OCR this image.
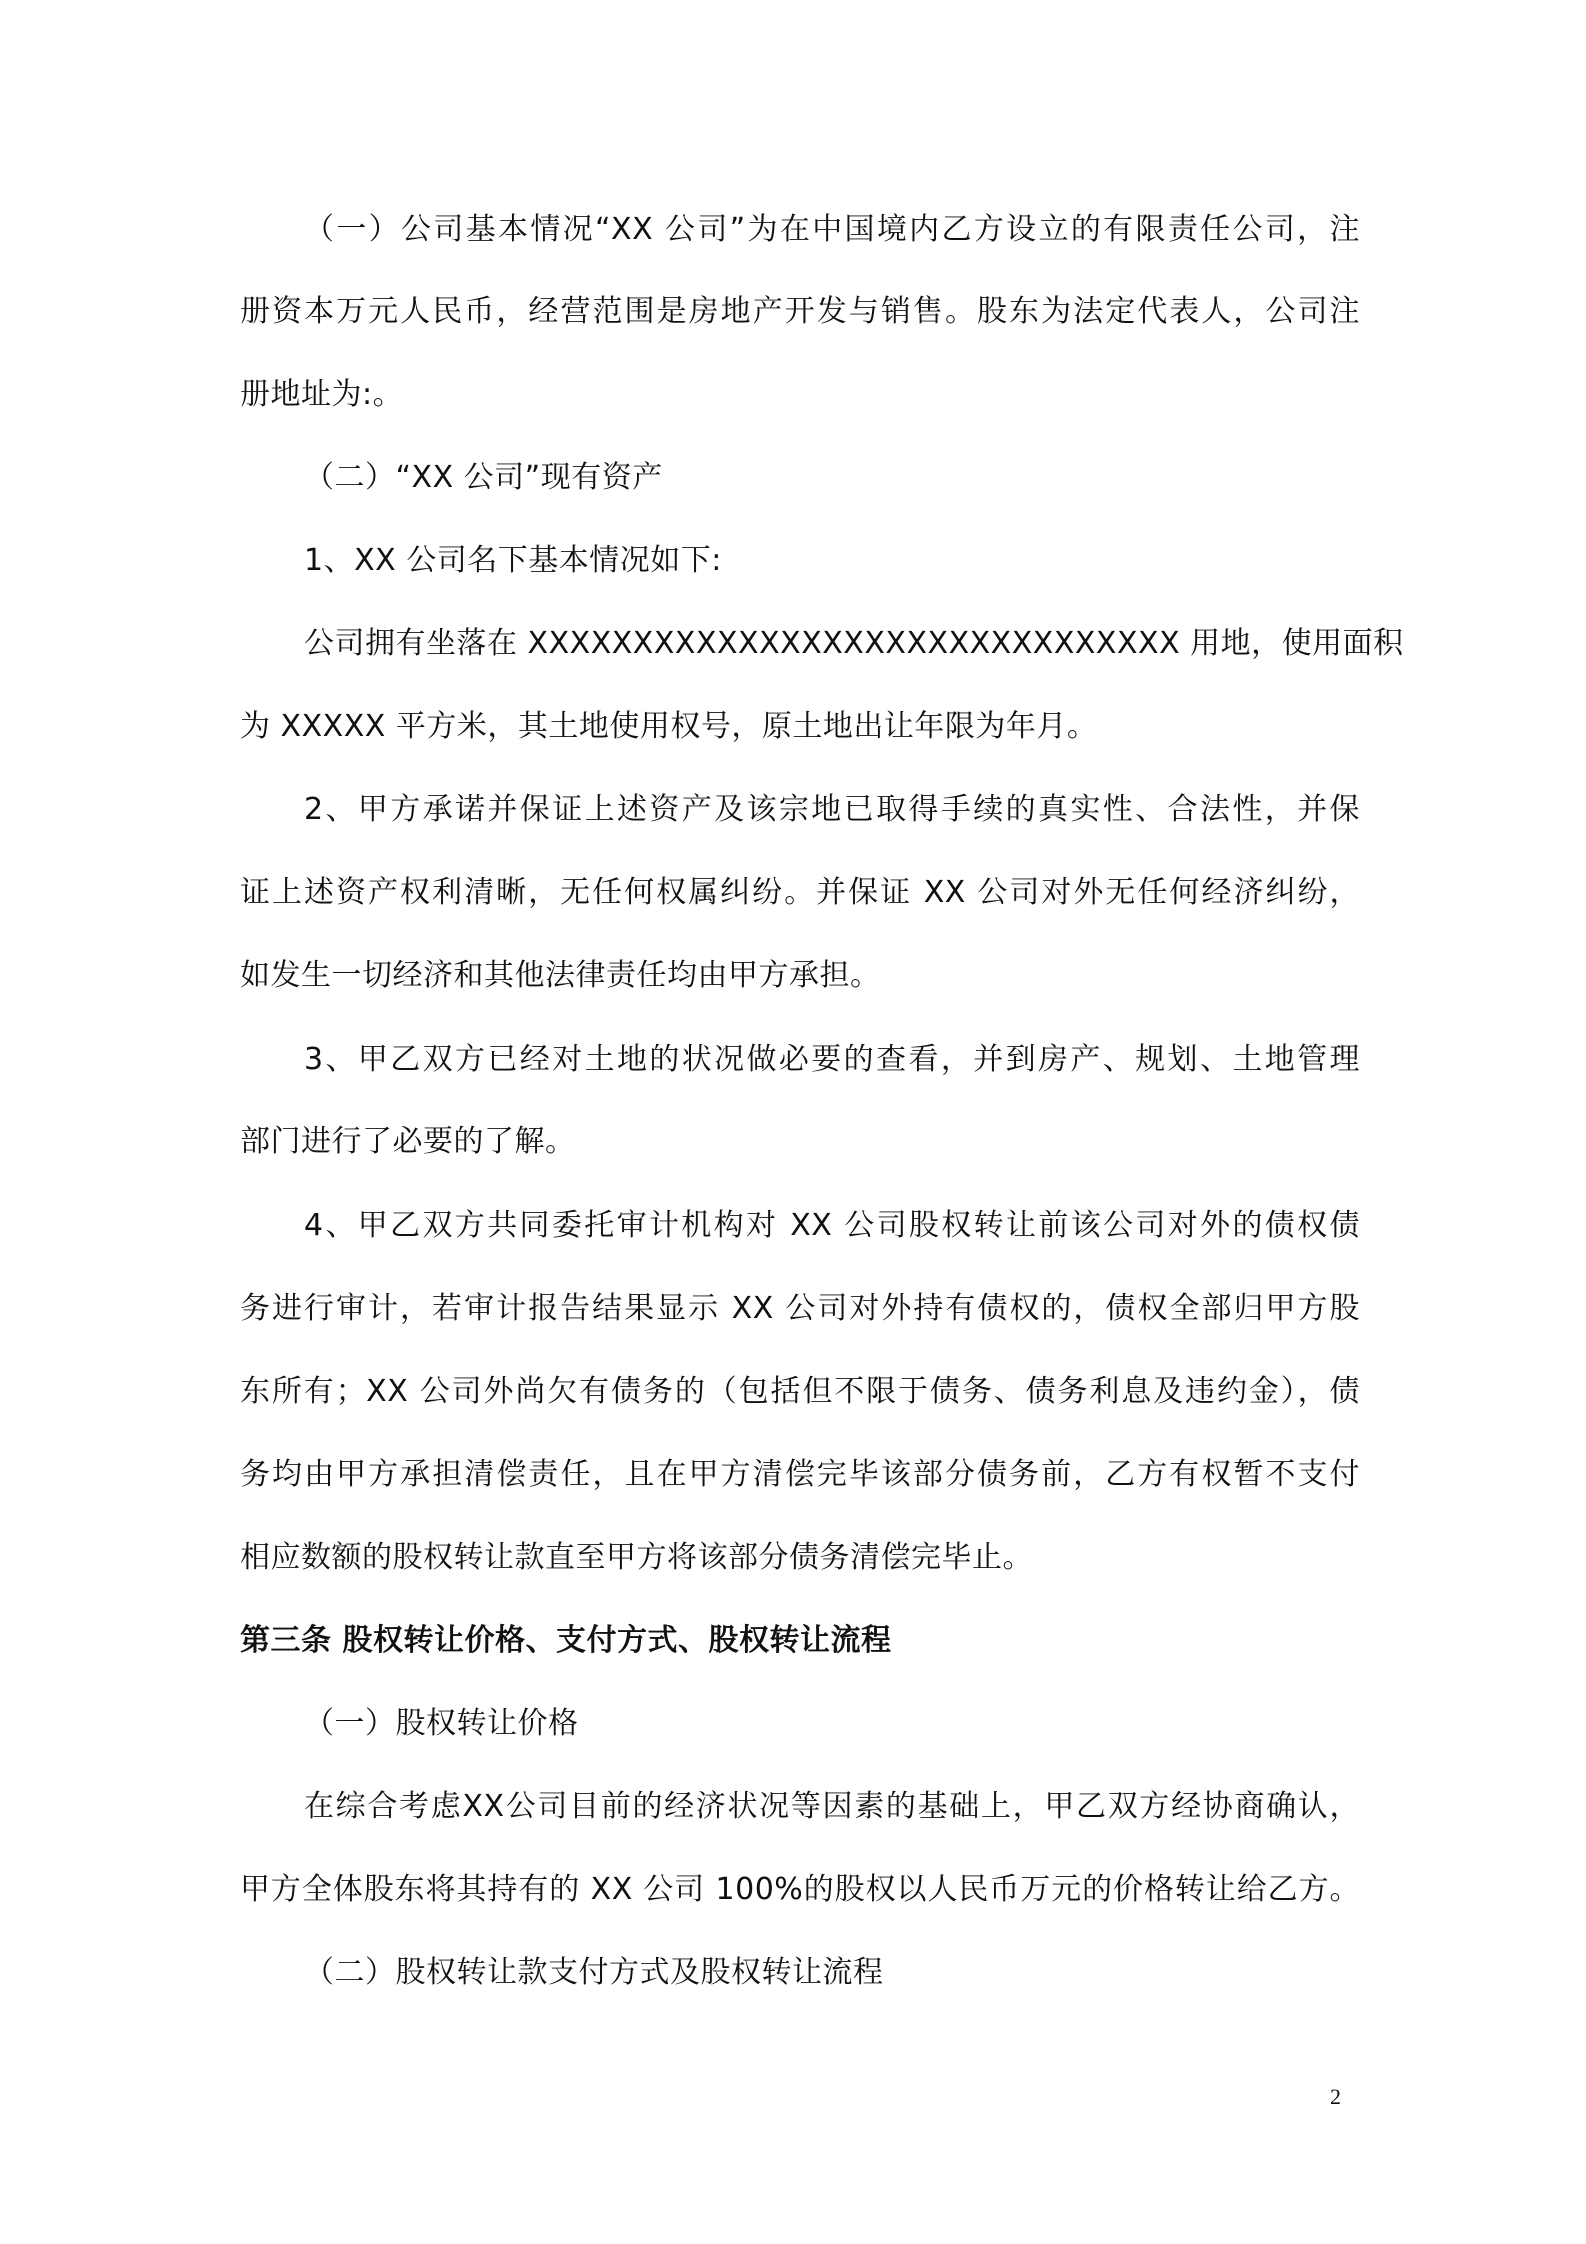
（一）公司基本情况“XX 公司”为在中国境内乙方设立的有限责任公司，注
册资本万元人民币，经营范围是房地产开发与销售。股东为法定代表人，公司注
册地址为:。
（二）“XX 公司”现有资产
1、XX 公司名下基本情况如下:
公司拥有坐落在 XXXXXXXXXXXXXXXXXXXXXXXXXXXXXXX 用地，使用面积
为 XXXXX 平方米，其土地使用权号，原土地出让年限为年月。
2、甲方承诺并保证上述资产及该宗地已取得手续的真实性、合法性，并保
证上述资产权利清晰，无任何权属纠纷。并保证 XX 公司对外无任何经济纠纷，
如发生一切经济和其他法律责任均由甲方承担。
3、甲乙双方已经对土地的状况做必要的查看，并到房产、规划、土地管理
部门进行了必要的了解。
4、甲乙双方共同委托审计机构对 XX 公司股权转让前该公司对外的债权债
务进行审计，若审计报告结果显示 XX 公司对外持有债权的，债权全部归甲方股
东所有；XX 公司外尚欠有债务的（包括但不限于债务、债务利息及违约金），债
务均由甲方承担清偿责任，且在甲方清偿完毕该部分债务前，乙方有权暂不支付
相应数额的股权转让款直至甲方将该部分债务清偿完毕止。
第三条 股权转让价格、支付方式、股权转让流程
（一）股权转让价格
在综合考虑XX公司目前的经济状况等因素的基础上，甲乙双方经协商确认，
甲方全体股东将其持有的 XX 公司 100%的股权以人民币万元的价格转让给乙方。
（二）股权转让款支付方式及股权转让流程
2
